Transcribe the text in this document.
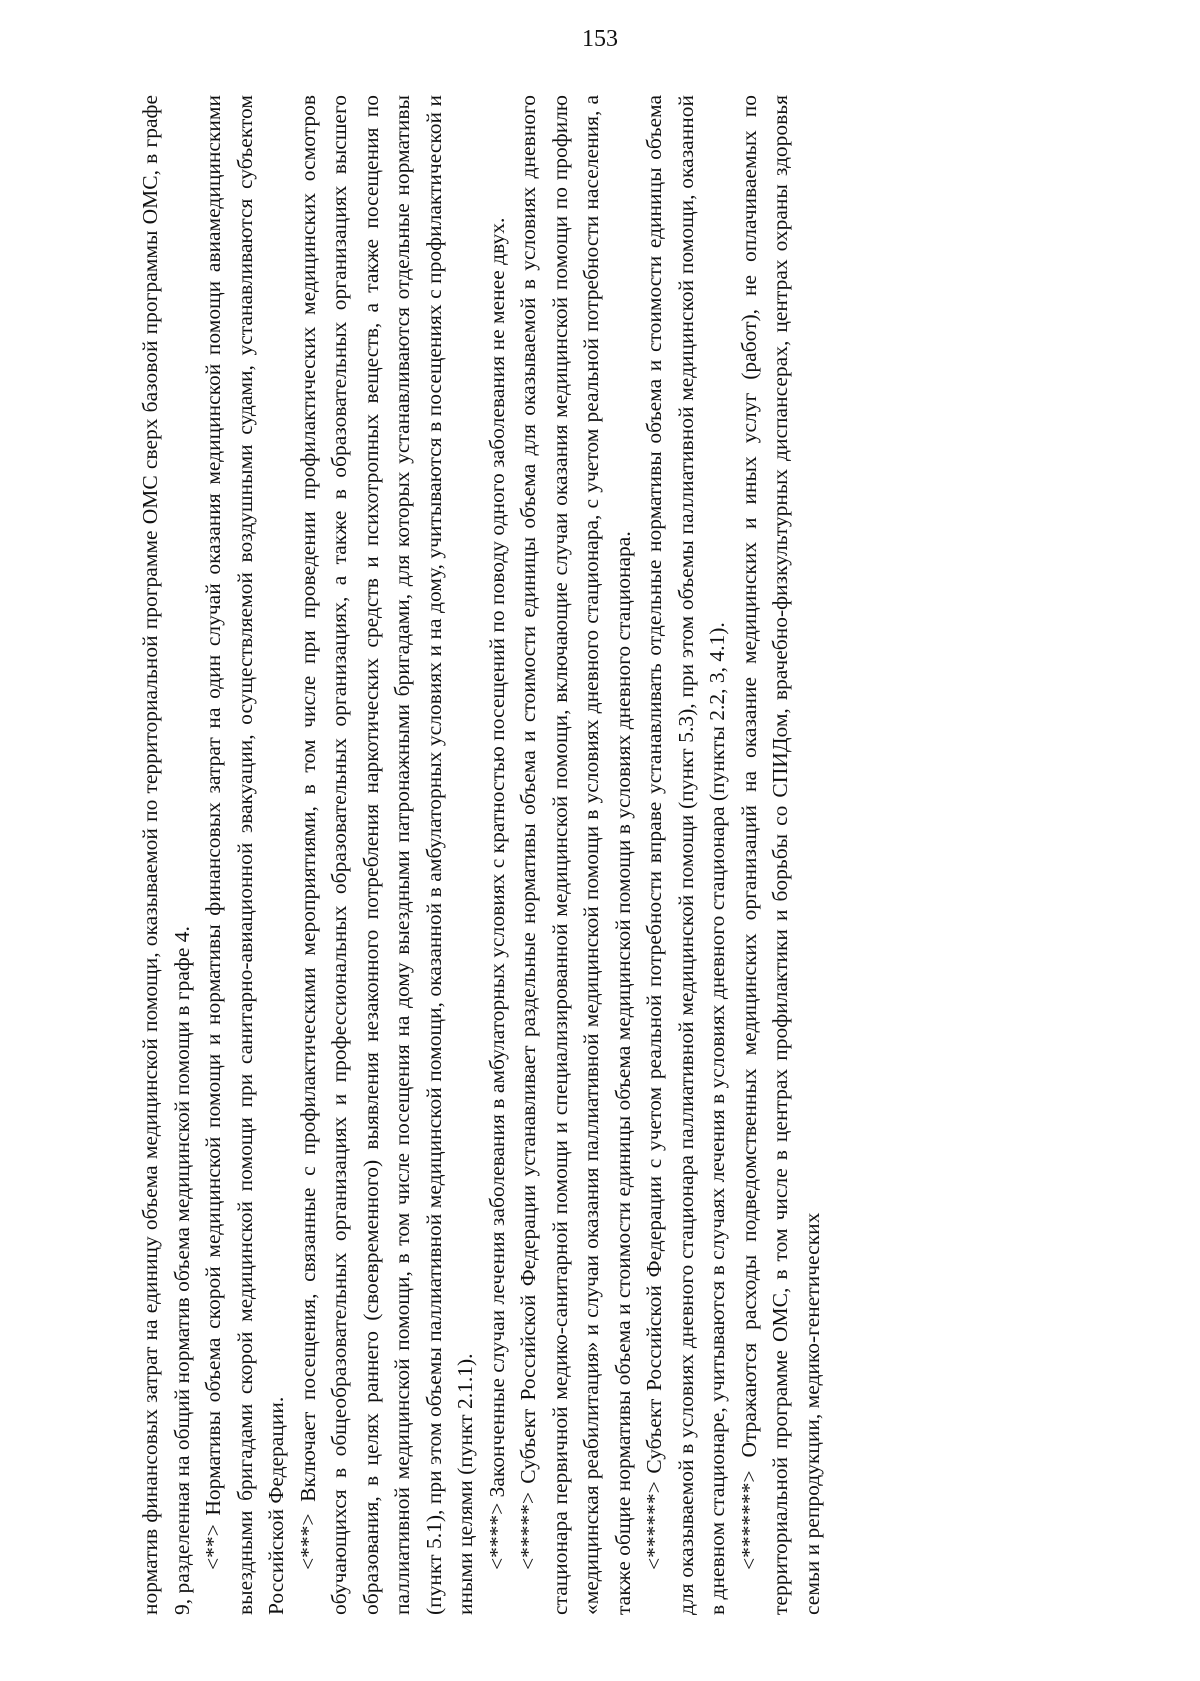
153

норматив финансовых затрат на единицу объема медицинской помощи, оказываемой по территориальной программе ОМС сверх базовой программы ОМС, в графе 9, разделенная на общий норматив объема медицинской помощи в графе 4. <**> Нормативы объема скорой медицинской помощи и нормативы финансовых затрат на один случай оказания медицинской помощи авиамедицинскими выездными бригадами скорой медицинской помощи при санитарно-авиационной эвакуации, осуществляемой воздушными судами, устанавливаются субъектом Российской Федерации. <***> Включает посещения, связанные с профилактическими мероприятиями, в том числе при проведении профилактических медицинских осмотров обучающихся в общеобразовательных организациях и профессиональных образовательных организациях, а также в образовательных организациях высшего образования, в целях раннего (своевременного) выявления незаконного потребления наркотических средств и психотропных веществ, а также посещения по паллиативной медицинской помощи, в том числе посещения на дому выездными патронажными бригадами, для которых устанавливаются отдельные нормативы (пункт 5.1), при этом объемы паллиативной медицинской помощи, оказанной в амбулаторных условиях и на дому, учитываются в посещениях с профилактической и иными целями (пункт 2.1.1). <****> Законченные случаи лечения заболевания в амбулаторных условиях с кратностью посещений по поводу одного заболевания не менее двух. <*****> Субъект Российской Федерации устанавливает раздельные нормативы объема и стоимости единицы объема для оказываемой в условиях дневного стационара первичной медико-санитарной помощи и специализированной медицинской помощи, включающие случаи оказания медицинской помощи по профилю «медицинская реабилитация» и случаи оказания паллиативной медицинской помощи в условиях дневного стационара, с учетом реальной потребности населения, а также общие нормативы объема и стоимости единицы объема медицинской помощи в условиях дневного стационара. <******> Субъект Российской Федерации с учетом реальной потребности вправе устанавливать отдельные нормативы объема и стоимости единицы объема для оказываемой в условиях дневного стационара паллиативной медицинской помощи (пункт 5.3), при этом объемы паллиативной медицинской помощи, оказанной в дневном стационаре, учитываются в случаях лечения в условиях дневного стационара (пункты 2.2, 3, 4.1). <*******> Отражаются расходы подведомственных медицинских организаций на оказание медицинских и иных услуг (работ), не оплачиваемых по территориальной программе ОМС, в том числе в центрах профилактики и борьбы со СПИДом, врачебно-физкультурных диспансерах, центрах охраны здоровья семьи и репродукции, медико-генетических
